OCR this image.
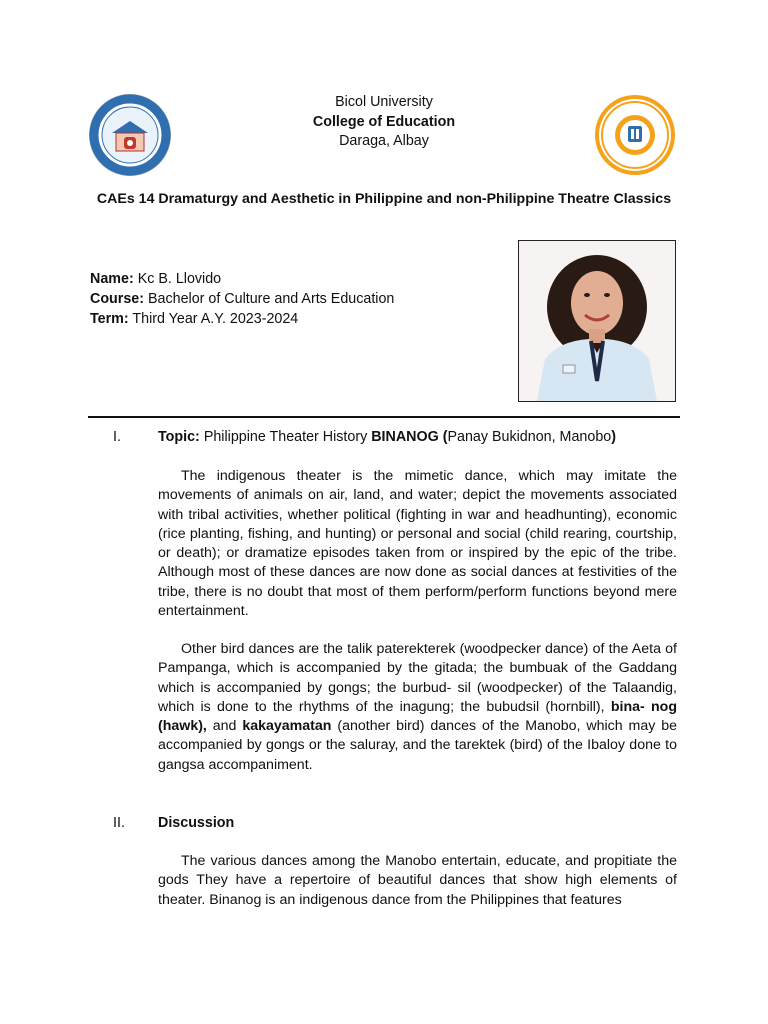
Bicol University
College of Education
Daraga, Albay
CAEs 14 Dramaturgy and Aesthetic in Philippine and non-Philippine Theatre Classics
Name: Kc B. Llovido
Course: Bachelor of Culture and Arts Education
Term: Third Year A.Y. 2023-2024
I.	Topic: Philippine Theater History BINANOG (Panay Bukidnon, Manobo)
The indigenous theater is the mimetic dance, which may imitate the movements of animals on air, land, and water; depict the movements associated with tribal activities, whether political (fighting in war and headhunting), economic (rice planting, fishing, and hunting) or personal and social (child rearing, courtship, or death); or dramatize episodes taken from or inspired by the epic of the tribe. Although most of these dances are now done as social dances at festivities of the tribe, there is no doubt that most of them perform/perform functions beyond mere entertainment.
Other bird dances are the talik paterekterek (woodpecker dance) of the Aeta of Pampanga, which is accompanied by the gitada; the bumbuak of the Gaddang which is accompanied by gongs; the burbud- sil (woodpecker) of the Talaandig, which is done to the rhythms of the inagung; the bubudsil (hornbill), bina- nog (hawk), and kakayamatan (another bird) dances of the Manobo, which may be accompanied by gongs or the saluray, and the tarektek (bird) of the Ibaloy done to gangsa accompaniment.
II. Discussion
The various dances among the Manobo entertain, educate, and propitiate the gods They have a repertoire of beautiful dances that show high elements of theater. Binanog is an indigenous dance from the Philippines that features
